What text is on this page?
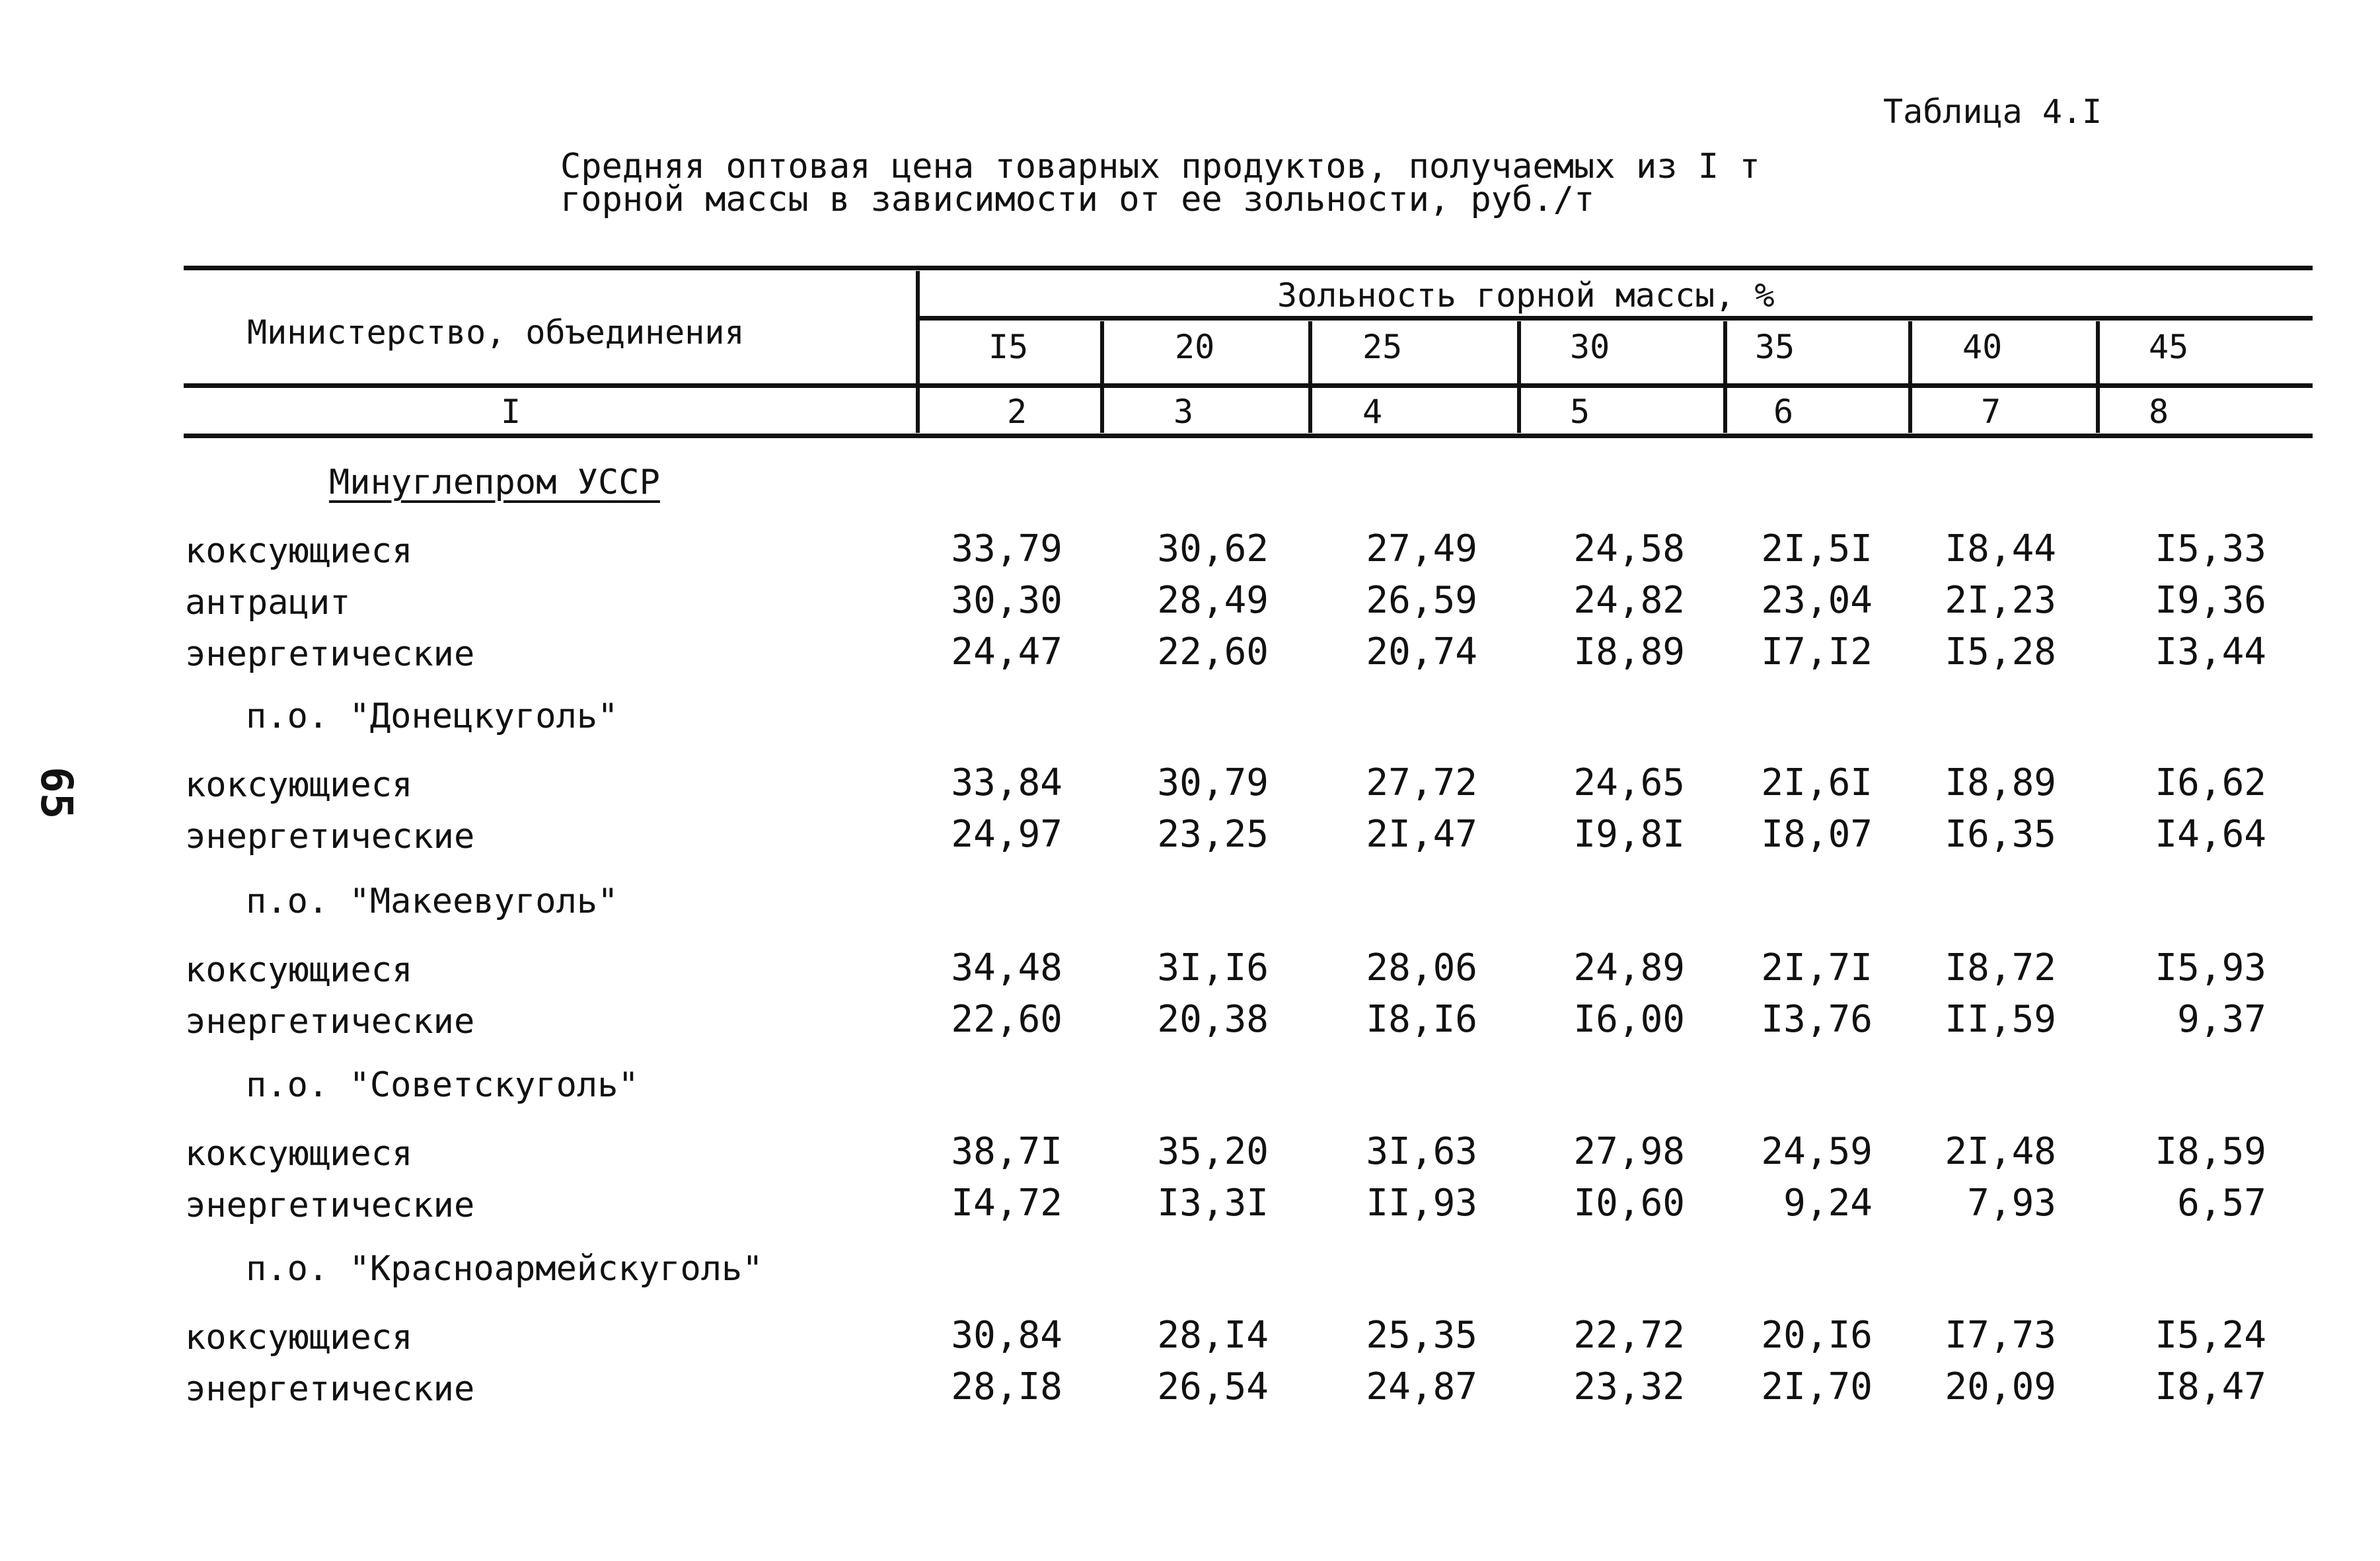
Таблица 4.I
Средняя оптовая цена товарных продуктов, получаемых из I т
горной массы в зависимости от ее зольности, руб./т
65
Министерство, объединения
Зольность горной массы, %
I5	20	25	30	35	40	45
I	2	3	4	5	6	7	8
Минуглепром УССР
коксующиеся	33,79	30,62	27,49	24,58	2I,5I	I8,44	I5,33
антрацит	30,30	28,49	26,59	24,82	23,04	2I,23	I9,36
энергетические	24,47	22,60	20,74	I8,89	I7,I2	I5,28	I3,44
п.о. "Донецкуголь"
коксующиеся	33,84	30,79	27,72	24,65	2I,6I	I8,89	I6,62
энергетические	24,97	23,25	2I,47	I9,8I	I8,07	I6,35	I4,64
п.о. "Макеевуголь"
коксующиеся	34,48	3I,I6	28,06	24,89	2I,7I	I8,72	I5,93
энергетические	22,60	20,38	I8,I6	I6,00	I3,76	II,59	9,37
п.о. "Советскуголь"
коксующиеся	38,7I	35,20	3I,63	27,98	24,59	2I,48	I8,59
энергетические	I4,72	I3,3I	II,93	I0,60	9,24	7,93	6,57
п.о. "Красноармейскуголь"
коксующиеся	30,84	28,I4	25,35	22,72	20,I6	I7,73	I5,24
энергетические	28,I8	26,54	24,87	23,32	2I,70	20,09	I8,47
